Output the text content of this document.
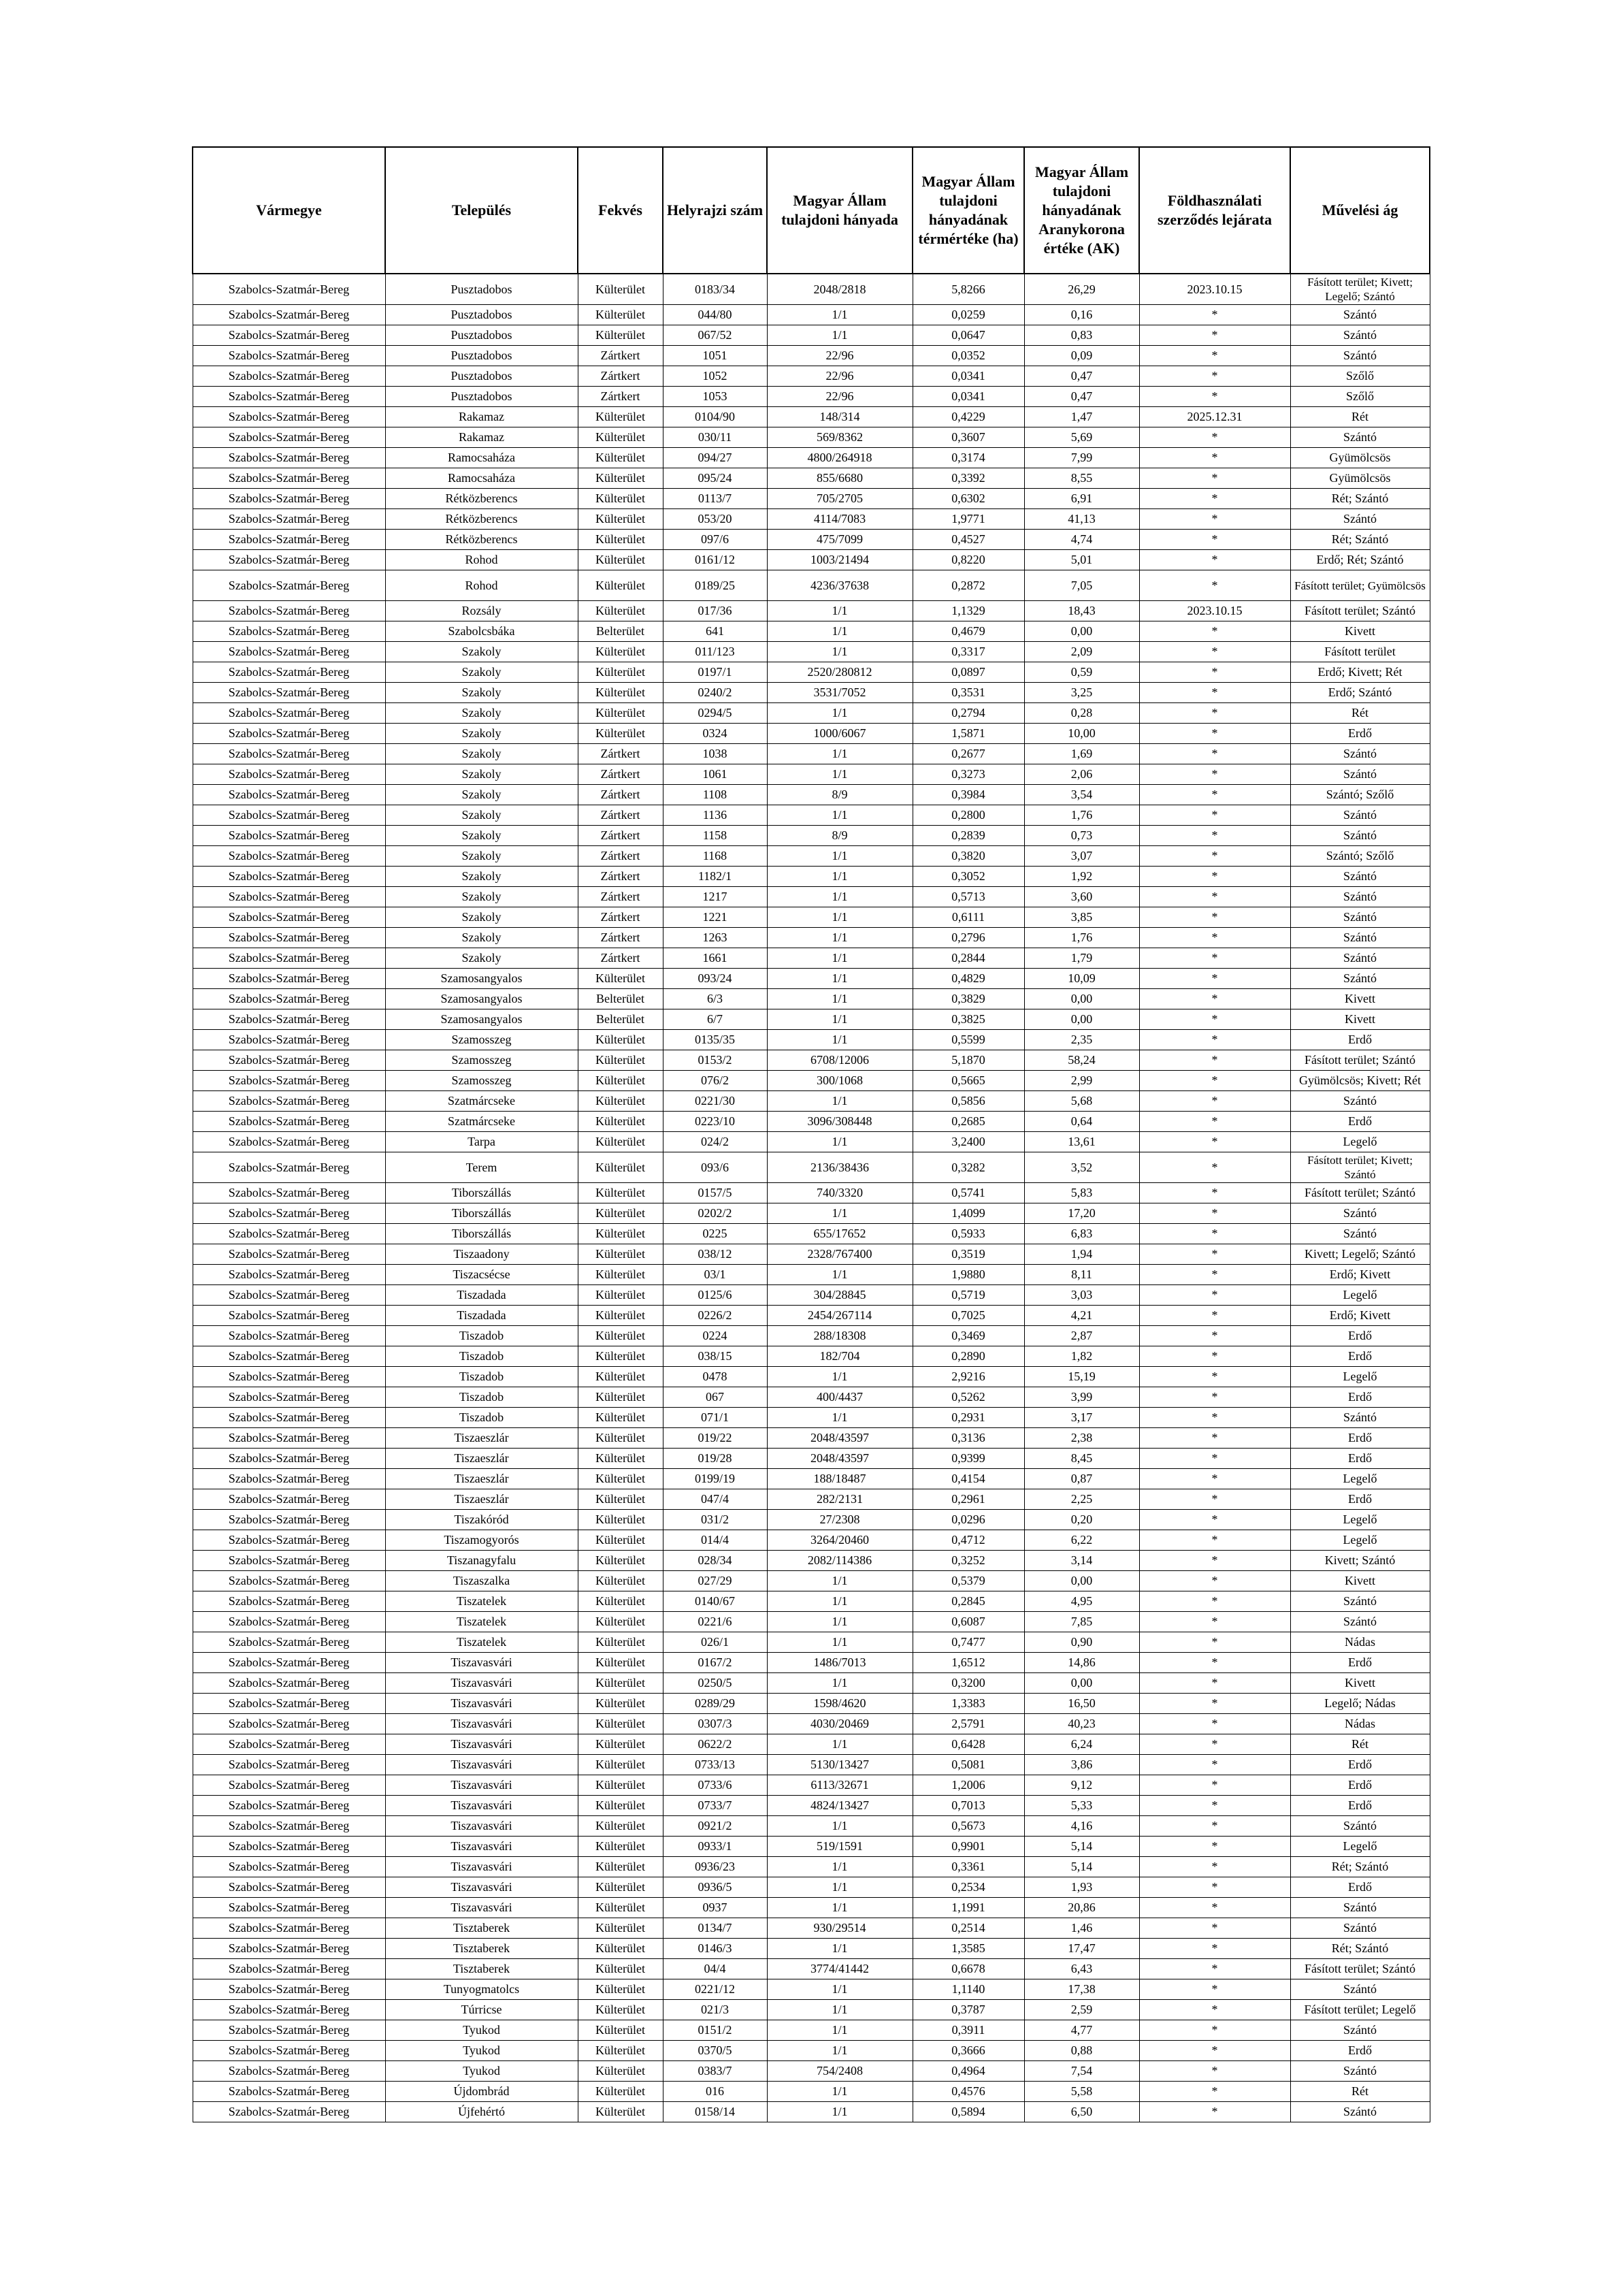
Vármegye	Település	Fekvés	Helyrajzi szám	Magyar Állam tulajdoni hányada	Magyar Állam tulajdoni hányadának térmértéke (ha)	Magyar Állam tulajdoni hányadának Aranykorona értéke (AK)	Földhasználati szerződés lejárata	Művelési ág
Szabolcs-Szatmár-Bereg	Pusztadobos	Külterület	0183/34	2048/2818	5,8266	26,29	2023.10.15	Fásított terület; Kivett; Legelő; Szántó
Szabolcs-Szatmár-Bereg	Pusztadobos	Külterület	044/80	1/1	0,0259	0,16	*	Szántó
Szabolcs-Szatmár-Bereg	Pusztadobos	Külterület	067/52	1/1	0,0647	0,83	*	Szántó
Szabolcs-Szatmár-Bereg	Pusztadobos	Zártkert	1051	22/96	0,0352	0,09	*	Szántó
Szabolcs-Szatmár-Bereg	Pusztadobos	Zártkert	1052	22/96	0,0341	0,47	*	Szőlő
Szabolcs-Szatmár-Bereg	Pusztadobos	Zártkert	1053	22/96	0,0341	0,47	*	Szőlő
Szabolcs-Szatmár-Bereg	Rakamaz	Külterület	0104/90	148/314	0,4229	1,47	2025.12.31	Rét
Szabolcs-Szatmár-Bereg	Rakamaz	Külterület	030/11	569/8362	0,3607	5,69	*	Szántó
Szabolcs-Szatmár-Bereg	Ramocsaháza	Külterület	094/27	4800/264918	0,3174	7,99	*	Gyümölcsös
Szabolcs-Szatmár-Bereg	Ramocsaháza	Külterület	095/24	855/6680	0,3392	8,55	*	Gyümölcsös
Szabolcs-Szatmár-Bereg	Rétközberencs	Külterület	0113/7	705/2705	0,6302	6,91	*	Rét; Szántó
Szabolcs-Szatmár-Bereg	Rétközberencs	Külterület	053/20	4114/7083	1,9771	41,13	*	Szántó
Szabolcs-Szatmár-Bereg	Rétközberencs	Külterület	097/6	475/7099	0,4527	4,74	*	Rét; Szántó
Szabolcs-Szatmár-Bereg	Rohod	Külterület	0161/12	1003/21494	0,8220	5,01	*	Erdő; Rét; Szántó
Szabolcs-Szatmár-Bereg	Rohod	Külterület	0189/25	4236/37638	0,2872	7,05	*	Fásított terület; Gyümölcsös
Szabolcs-Szatmár-Bereg	Rozsály	Külterület	017/36	1/1	1,1329	18,43	2023.10.15	Fásított terület; Szántó
Szabolcs-Szatmár-Bereg	Szabolcsbáka	Belterület	641	1/1	0,4679	0,00	*	Kivett
Szabolcs-Szatmár-Bereg	Szakoly	Külterület	011/123	1/1	0,3317	2,09	*	Fásított terület
Szabolcs-Szatmár-Bereg	Szakoly	Külterület	0197/1	2520/280812	0,0897	0,59	*	Erdő; Kivett; Rét
Szabolcs-Szatmár-Bereg	Szakoly	Külterület	0240/2	3531/7052	0,3531	3,25	*	Erdő; Szántó
Szabolcs-Szatmár-Bereg	Szakoly	Külterület	0294/5	1/1	0,2794	0,28	*	Rét
Szabolcs-Szatmár-Bereg	Szakoly	Külterület	0324	1000/6067	1,5871	10,00	*	Erdő
Szabolcs-Szatmár-Bereg	Szakoly	Zártkert	1038	1/1	0,2677	1,69	*	Szántó
Szabolcs-Szatmár-Bereg	Szakoly	Zártkert	1061	1/1	0,3273	2,06	*	Szántó
Szabolcs-Szatmár-Bereg	Szakoly	Zártkert	1108	8/9	0,3984	3,54	*	Szántó; Szőlő
Szabolcs-Szatmár-Bereg	Szakoly	Zártkert	1136	1/1	0,2800	1,76	*	Szántó
Szabolcs-Szatmár-Bereg	Szakoly	Zártkert	1158	8/9	0,2839	0,73	*	Szántó
Szabolcs-Szatmár-Bereg	Szakoly	Zártkert	1168	1/1	0,3820	3,07	*	Szántó; Szőlő
Szabolcs-Szatmár-Bereg	Szakoly	Zártkert	1182/1	1/1	0,3052	1,92	*	Szántó
Szabolcs-Szatmár-Bereg	Szakoly	Zártkert	1217	1/1	0,5713	3,60	*	Szántó
Szabolcs-Szatmár-Bereg	Szakoly	Zártkert	1221	1/1	0,6111	3,85	*	Szántó
Szabolcs-Szatmár-Bereg	Szakoly	Zártkert	1263	1/1	0,2796	1,76	*	Szántó
Szabolcs-Szatmár-Bereg	Szakoly	Zártkert	1661	1/1	0,2844	1,79	*	Szántó
Szabolcs-Szatmár-Bereg	Szamosangyalos	Külterület	093/24	1/1	0,4829	10,09	*	Szántó
Szabolcs-Szatmár-Bereg	Szamosangyalos	Belterület	6/3	1/1	0,3829	0,00	*	Kivett
Szabolcs-Szatmár-Bereg	Szamosangyalos	Belterület	6/7	1/1	0,3825	0,00	*	Kivett
Szabolcs-Szatmár-Bereg	Szamosszeg	Külterület	0135/35	1/1	0,5599	2,35	*	Erdő
Szabolcs-Szatmár-Bereg	Szamosszeg	Külterület	0153/2	6708/12006	5,1870	58,24	*	Fásított terület; Szántó
Szabolcs-Szatmár-Bereg	Szamosszeg	Külterület	076/2	300/1068	0,5665	2,99	*	Gyümölcsös; Kivett; Rét
Szabolcs-Szatmár-Bereg	Szatmárcseke	Külterület	0221/30	1/1	0,5856	5,68	*	Szántó
Szabolcs-Szatmár-Bereg	Szatmárcseke	Külterület	0223/10	3096/308448	0,2685	0,64	*	Erdő
Szabolcs-Szatmár-Bereg	Tarpa	Külterület	024/2	1/1	3,2400	13,61	*	Legelő
Szabolcs-Szatmár-Bereg	Terem	Külterület	093/6	2136/38436	0,3282	3,52	*	Fásított terület; Kivett; Szántó
Szabolcs-Szatmár-Bereg	Tiborszállás	Külterület	0157/5	740/3320	0,5741	5,83	*	Fásított terület; Szántó
Szabolcs-Szatmár-Bereg	Tiborszállás	Külterület	0202/2	1/1	1,4099	17,20	*	Szántó
Szabolcs-Szatmár-Bereg	Tiborszállás	Külterület	0225	655/17652	0,5933	6,83	*	Szántó
Szabolcs-Szatmár-Bereg	Tiszaadony	Külterület	038/12	2328/767400	0,3519	1,94	*	Kivett; Legelő; Szántó
Szabolcs-Szatmár-Bereg	Tiszacsécse	Külterület	03/1	1/1	1,9880	8,11	*	Erdő; Kivett
Szabolcs-Szatmár-Bereg	Tiszadada	Külterület	0125/6	304/28845	0,5719	3,03	*	Legelő
Szabolcs-Szatmár-Bereg	Tiszadada	Külterület	0226/2	2454/267114	0,7025	4,21	*	Erdő; Kivett
Szabolcs-Szatmár-Bereg	Tiszadob	Külterület	0224	288/18308	0,3469	2,87	*	Erdő
Szabolcs-Szatmár-Bereg	Tiszadob	Külterület	038/15	182/704	0,2890	1,82	*	Erdő
Szabolcs-Szatmár-Bereg	Tiszadob	Külterület	0478	1/1	2,9216	15,19	*	Legelő
Szabolcs-Szatmár-Bereg	Tiszadob	Külterület	067	400/4437	0,5262	3,99	*	Erdő
Szabolcs-Szatmár-Bereg	Tiszadob	Külterület	071/1	1/1	0,2931	3,17	*	Szántó
Szabolcs-Szatmár-Bereg	Tiszaeszlár	Külterület	019/22	2048/43597	0,3136	2,38	*	Erdő
Szabolcs-Szatmár-Bereg	Tiszaeszlár	Külterület	019/28	2048/43597	0,9399	8,45	*	Erdő
Szabolcs-Szatmár-Bereg	Tiszaeszlár	Külterület	0199/19	188/18487	0,4154	0,87	*	Legelő
Szabolcs-Szatmár-Bereg	Tiszaeszlár	Külterület	047/4	282/2131	0,2961	2,25	*	Erdő
Szabolcs-Szatmár-Bereg	Tiszakóród	Külterület	031/2	27/2308	0,0296	0,20	*	Legelő
Szabolcs-Szatmár-Bereg	Tiszamogyorós	Külterület	014/4	3264/20460	0,4712	6,22	*	Legelő
Szabolcs-Szatmár-Bereg	Tiszanagyfalu	Külterület	028/34	2082/114386	0,3252	3,14	*	Kivett; Szántó
Szabolcs-Szatmár-Bereg	Tiszaszalka	Külterület	027/29	1/1	0,5379	0,00	*	Kivett
Szabolcs-Szatmár-Bereg	Tiszatelek	Külterület	0140/67	1/1	0,2845	4,95	*	Szántó
Szabolcs-Szatmár-Bereg	Tiszatelek	Külterület	0221/6	1/1	0,6087	7,85	*	Szántó
Szabolcs-Szatmár-Bereg	Tiszatelek	Külterület	026/1	1/1	0,7477	0,90	*	Nádas
Szabolcs-Szatmár-Bereg	Tiszavasvári	Külterület	0167/2	1486/7013	1,6512	14,86	*	Erdő
Szabolcs-Szatmár-Bereg	Tiszavasvári	Külterület	0250/5	1/1	0,3200	0,00	*	Kivett
Szabolcs-Szatmár-Bereg	Tiszavasvári	Külterület	0289/29	1598/4620	1,3383	16,50	*	Legelő; Nádas
Szabolcs-Szatmár-Bereg	Tiszavasvári	Külterület	0307/3	4030/20469	2,5791	40,23	*	Nádas
Szabolcs-Szatmár-Bereg	Tiszavasvári	Külterület	0622/2	1/1	0,6428	6,24	*	Rét
Szabolcs-Szatmár-Bereg	Tiszavasvári	Külterület	0733/13	5130/13427	0,5081	3,86	*	Erdő
Szabolcs-Szatmár-Bereg	Tiszavasvári	Külterület	0733/6	6113/32671	1,2006	9,12	*	Erdő
Szabolcs-Szatmár-Bereg	Tiszavasvári	Külterület	0733/7	4824/13427	0,7013	5,33	*	Erdő
Szabolcs-Szatmár-Bereg	Tiszavasvári	Külterület	0921/2	1/1	0,5673	4,16	*	Szántó
Szabolcs-Szatmár-Bereg	Tiszavasvári	Külterület	0933/1	519/1591	0,9901	5,14	*	Legelő
Szabolcs-Szatmár-Bereg	Tiszavasvári	Külterület	0936/23	1/1	0,3361	5,14	*	Rét; Szántó
Szabolcs-Szatmár-Bereg	Tiszavasvári	Külterület	0936/5	1/1	0,2534	1,93	*	Erdő
Szabolcs-Szatmár-Bereg	Tiszavasvári	Külterület	0937	1/1	1,1991	20,86	*	Szántó
Szabolcs-Szatmár-Bereg	Tisztaberek	Külterület	0134/7	930/29514	0,2514	1,46	*	Szántó
Szabolcs-Szatmár-Bereg	Tisztaberek	Külterület	0146/3	1/1	1,3585	17,47	*	Rét; Szántó
Szabolcs-Szatmár-Bereg	Tisztaberek	Külterület	04/4	3774/41442	0,6678	6,43	*	Fásított terület; Szántó
Szabolcs-Szatmár-Bereg	Tunyogmatolcs	Külterület	0221/12	1/1	1,1140	17,38	*	Szántó
Szabolcs-Szatmár-Bereg	Túrricse	Külterület	021/3	1/1	0,3787	2,59	*	Fásított terület; Legelő
Szabolcs-Szatmár-Bereg	Tyukod	Külterület	0151/2	1/1	0,3911	4,77	*	Szántó
Szabolcs-Szatmár-Bereg	Tyukod	Külterület	0370/5	1/1	0,3666	0,88	*	Erdő
Szabolcs-Szatmár-Bereg	Tyukod	Külterület	0383/7	754/2408	0,4964	7,54	*	Szántó
Szabolcs-Szatmár-Bereg	Újdombrád	Külterület	016	1/1	0,4576	5,58	*	Rét
Szabolcs-Szatmár-Bereg	Újfehértó	Külterület	0158/14	1/1	0,5894	6,50	*	Szántó
